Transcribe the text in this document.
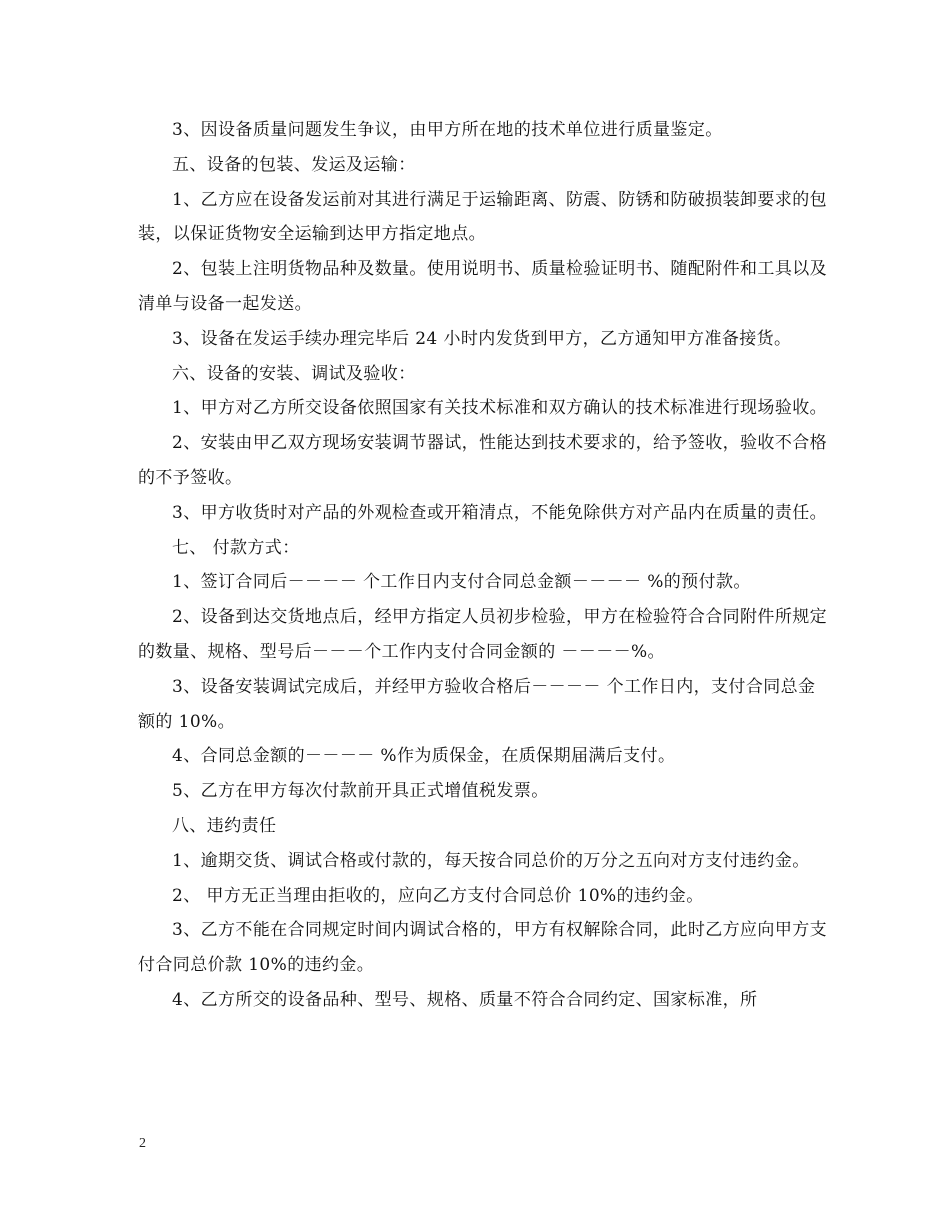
3、因设备质量问题发生争议，由甲方所在地的技术单位进行质量鉴定。

五、设备的包装、发运及运输：

1、乙方应在设备发运前对其进行满足于运输距离、防震、防锈和防破损装卸要求的包装，以保证货物安全运输到达甲方指定地点。

2、包装上注明货物品种及数量。使用说明书、质量检验证明书、随配附件和工具以及清单与设备一起发送。

3、设备在发运手续办理完毕后 24 小时内发货到甲方，乙方通知甲方准备接货。

六、设备的安装、调试及验收：

1、甲方对乙方所交设备依照国家有关技术标准和双方确认的技术标准进行现场验收。

2、安装由甲乙双方现场安装调节器试，性能达到技术要求的，给予签收，验收不合格的不予签收。

3、甲方收货时对产品的外观检查或开箱清点，不能免除供方对产品内在质量的责任。

七、 付款方式：

1、签订合同后－－－－ 个工作日内支付合同总金额－－－－ %的预付款。

2、设备到达交货地点后，经甲方指定人员初步检验，甲方在检验符合合同附件所规定的数量、规格、型号后－－－个工作内支付合同金额的 －－－－%。

3、设备安装调试完成后，并经甲方验收合格后－－－－ 个工作日内，支付合同总金额的 10%。

4、合同总金额的－－－－ %作为质保金，在质保期届满后支付。

5、乙方在甲方每次付款前开具正式增值税发票。

八、违约责任

1、逾期交货、调试合格或付款的，每天按合同总价的万分之五向对方支付违约金。

2、 甲方无正当理由拒收的，应向乙方支付合同总价 10%的违约金。

3、乙方不能在合同规定时间内调试合格的，甲方有权解除合同，此时乙方应向甲方支付合同总价款 10%的违约金。

4、乙方所交的设备品种、型号、规格、质量不符合合同约定、国家标准，所

2
